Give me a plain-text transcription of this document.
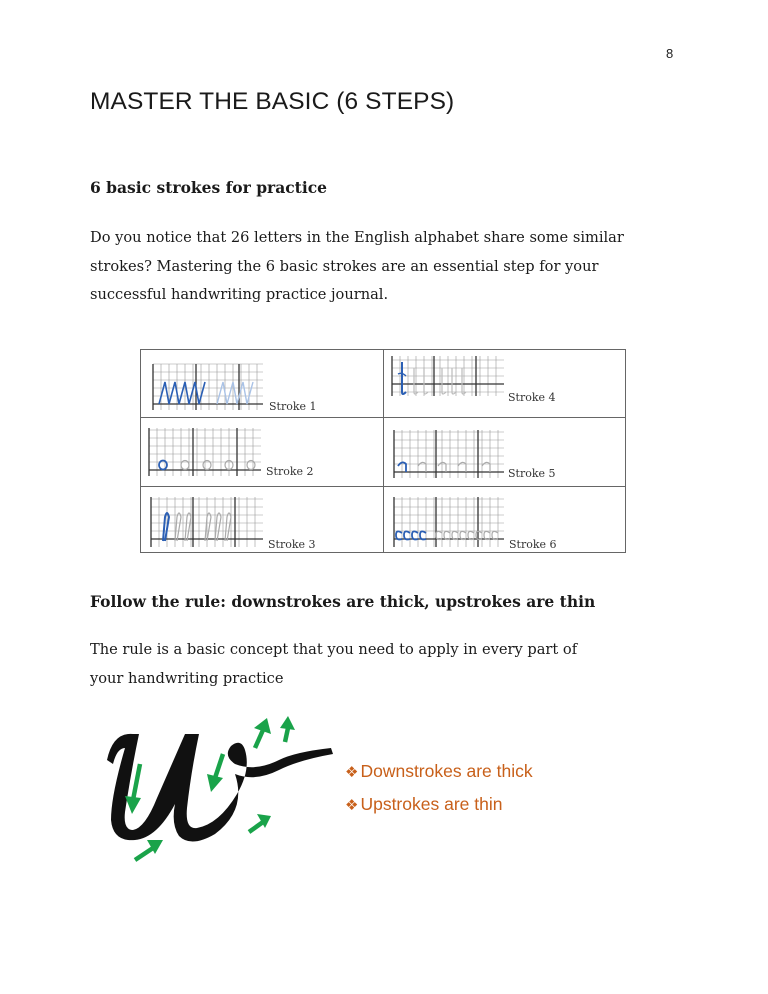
8
MASTER THE BASIC (6 STEPS)
6 basic strokes for practice
Do you notice that 26 letters in the English alphabet share some similar
strokes? Mastering the 6 basic strokes are an essential step for your
successful handwriting practice journal.
Stroke 1
Stroke 4
Stroke 2	Stroke 5
Stroke 3	Stroke 6
Follow the rule: downstrokes are thick, upstrokes are thin
The rule is a basic concept that you need to apply in every part of
your handwriting practice
❖ Downstrokes are thick
❖ Upstrokes are thin
